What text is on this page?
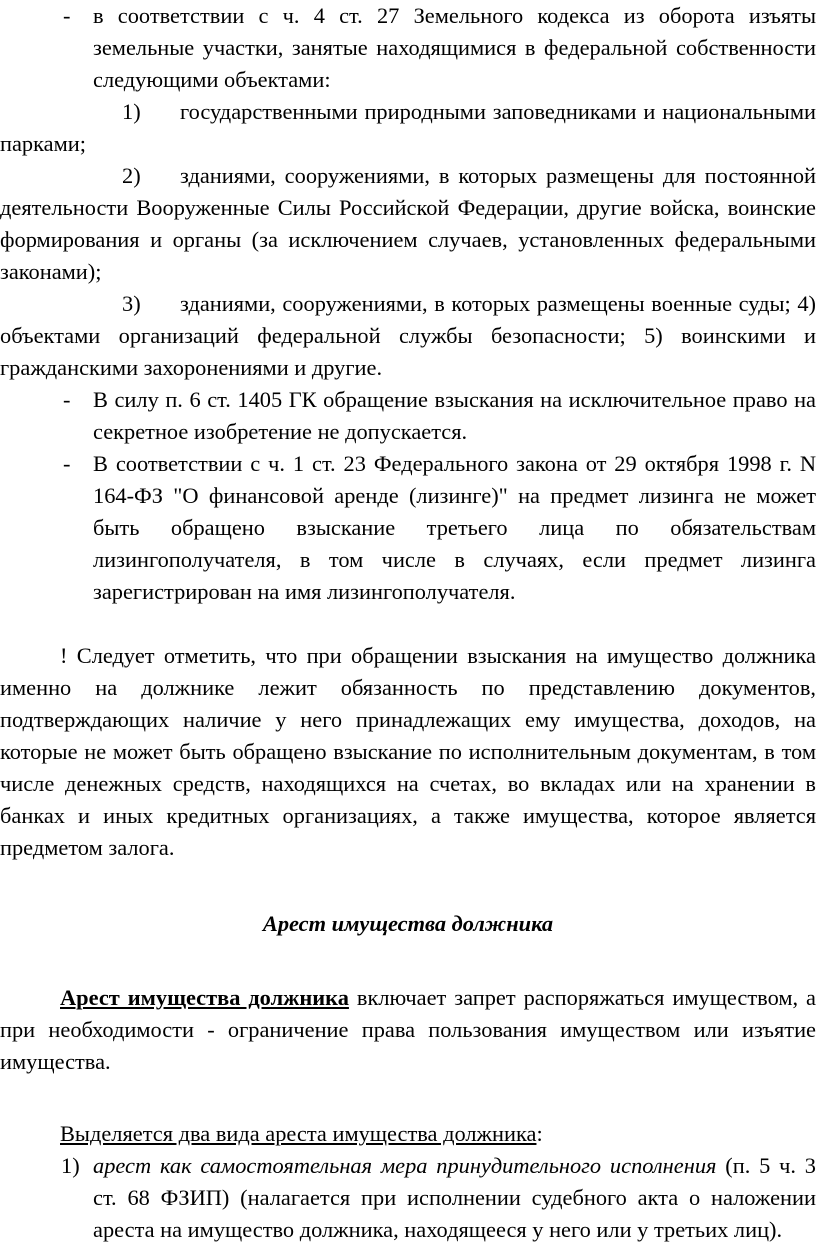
- в соответствии с ч. 4 ст. 27 Земельного кодекса из оборота изъяты земельные участки, занятые находящимися в федеральной собственности следующими объектами:

1) государственными природными заповедниками и национальными парками;

2) зданиями, сооружениями, в которых размещены для постоянной деятельности Вооруженные Силы Российской Федерации, другие войска, воинские формирования и органы (за исключением случаев, установленных федеральными законами);

3) зданиями, сооружениями, в которых размещены военные суды; 4) объектами организаций федеральной службы безопасности; 5) воинскими и гражданскими захоронениями и другие.

- В силу п. 6 ст. 1405 ГК обращение взыскания на исключительное право на секретное изобретение не допускается.

- В соответствии с ч. 1 ст. 23 Федерального закона от 29 октября 1998 г. N 164-ФЗ "О финансовой аренде (лизинге)" на предмет лизинга не может быть обращено взыскание третьего лица по обязательствам лизингополучателя, в том числе в случаях, если предмет лизинга зарегистрирован на имя лизингополучателя.

! Следует отметить, что при обращении взыскания на имущество должника именно на должнике лежит обязанность по представлению документов, подтверждающих наличие у него принадлежащих ему имущества, доходов, на которые не может быть обращено взыскание по исполнительным документам, в том числе денежных средств, находящихся на счетах, во вкладах или на хранении в банках и иных кредитных организациях, а также имущества, которое является предметом залога.

Арест имущества должника

Арест имущества должника включает запрет распоряжаться имуществом, а при необходимости - ограничение права пользования имуществом или изъятие имущества.

Выделяется два вида ареста имущества должника:

1) арест как самостоятельная мера принудительного исполнения (п. 5 ч. 3 ст. 68 ФЗИП) (налагается при исполнении судебного акта о наложении ареста на имущество должника, находящееся у него или у третьих лиц).
